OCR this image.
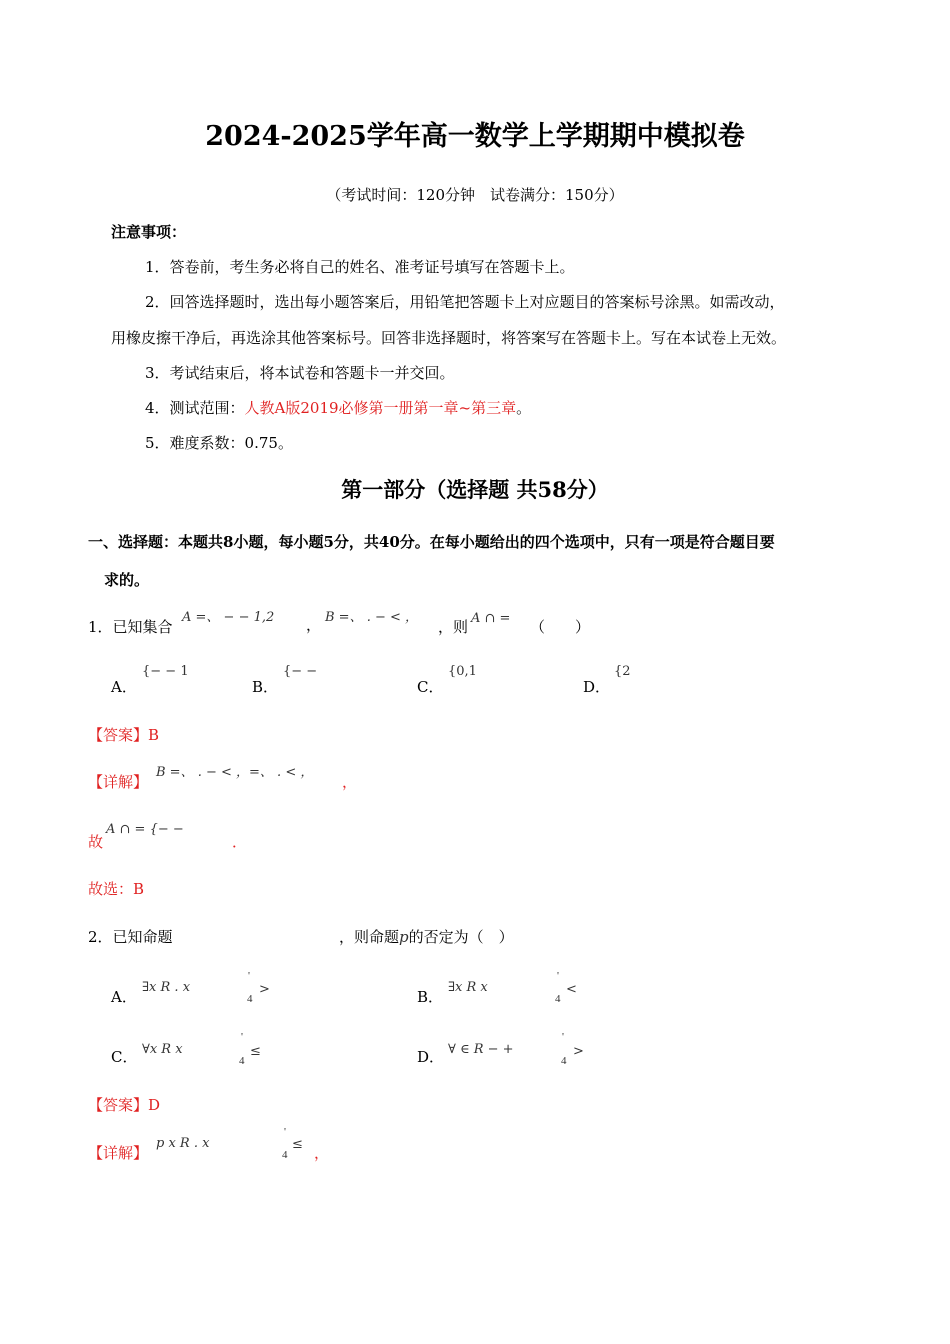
2024-2025学年高一数学上学期期中模拟卷
（考试时间：120分钟　试卷满分：150分）
注意事项：
1．答卷前，考生务必将自己的姓名、准考证号填写在答题卡上。
2．回答选择题时，选出每小题答案后，用铅笔把答题卡上对应题目的答案标号涂黑。如需改动，
用橡皮擦干净后，再选涂其他答案标号。回答非选择题时，将答案写在答题卡上。写在本试卷上无效。
3．考试结束后，将本试卷和答题卡一并交回。
4．测试范围：人教A版2019必修第一册第一章~第三章。
5．难度系数：0.75。
第一部分（选择题 共58分）
一、选择题：本题共8小题，每小题5分，共40分。在每小题给出的四个选项中，只有一项是符合题目要
求的。
1．已知集合
A =、 − − 1,2 ， B =、 . − < ，
，则 A ∩ = （　　）
A．
{− − 1
B．
{− −
C．
{0,1
D．
{2
【答案】B
【详解】
B =、 . − < ，=、 . < ，
，
故
A ∩ = {− −
．
故选：B
2．已知命题	，则命题p的否定为（　）
A．
∃x R . x
'
4
>	B．
∃x R x
'
4
<
C． ∀x R x
'
4
≤	D． ∀ ∈ R − +
'
4
>
【答案】D
【详解】
p x R . x
'
4
≤ ，
